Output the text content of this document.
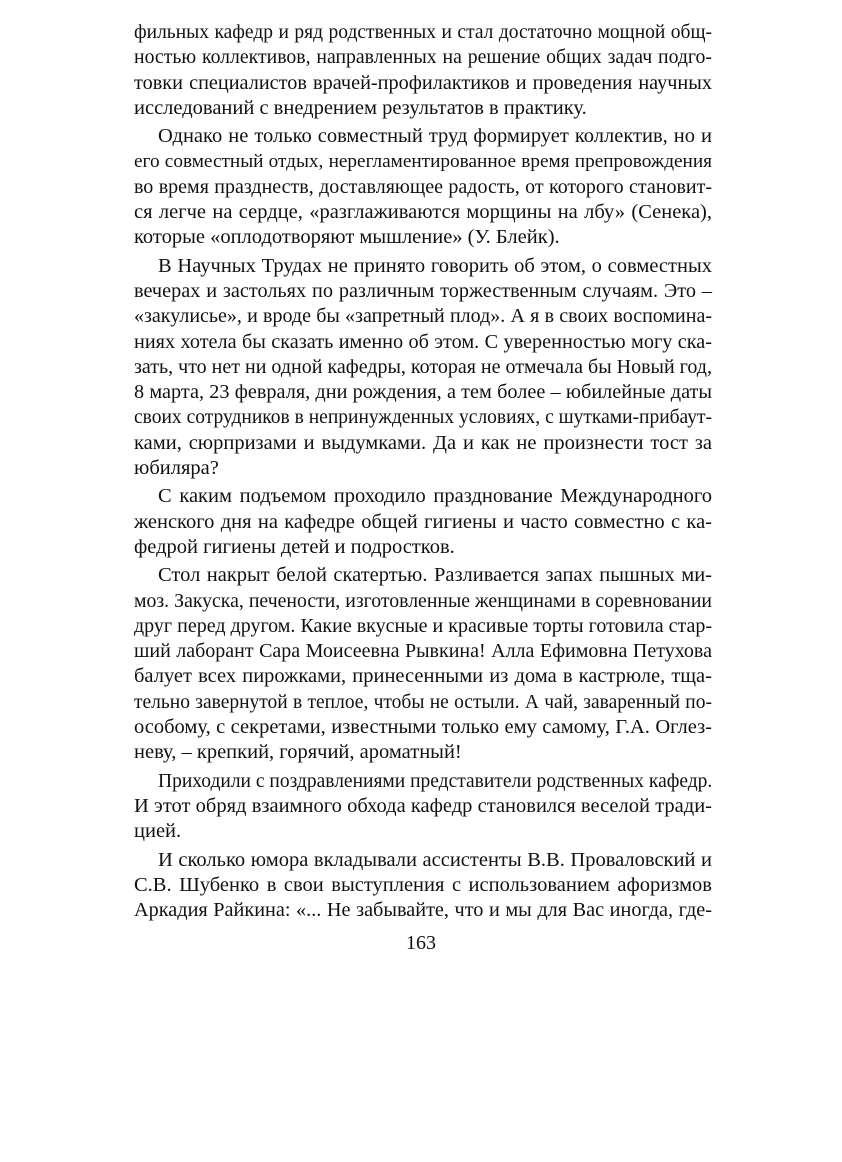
фильных кафедр и ряд родственных и стал достаточно мощной общ-
ностью коллективов, направленных на решение общих задач подго-
товки специалистов врачей-профилактиков и проведения научных
исследований с внедрением результатов в практику.
Однако не только совместный труд формирует коллектив, но и
его совместный отдых, нерегламентированное время препровождения
во время празднеств, доставляющее радость, от которого становит-
ся легче на сердце, «разглаживаются морщины на лбу» (Сенека),
которые «оплодотворяют мышление» (У. Блейк).
В Научных Трудах не принято говорить об этом, о совместных
вечерах и застольях по различным торжественным случаям. Это –
«закулисье», и вроде бы «запретный плод». А я в своих воспомина-
ниях хотела бы сказать именно об этом. С уверенностью могу ска-
зать, что нет ни одной кафедры, которая не отмечала бы Новый год,
8 марта, 23 февраля, дни рождения, а тем более – юбилейные даты
своих сотрудников в непринужденных условиях, с шутками-прибаут-
ками, сюрпризами и выдумками. Да и как не произнести тост за
юбиляра?
С каким подъемом проходило празднование Международного
женского дня на кафедре общей гигиены и часто совместно с ка-
федрой гигиены детей и подростков.
Стол накрыт белой скатертью. Разливается запах пышных ми-
моз. Закуска, печености, изготовленные женщинами в соревновании
друг перед другом. Какие вкусные и красивые торты готовила стар-
ший лаборант Сара Моисеевна Рывкина! Алла Ефимовна Петухова
балует всех пирожками, принесенными из дома в кастрюле, тща-
тельно завернутой в теплое, чтобы не остыли. А чай, заваренный по-
особому, с секретами, известными только ему самому, Г.А. Оглез-
неву, – крепкий, горячий, ароматный!
Приходили с поздравлениями представители родственных кафедр.
И этот обряд взаимного обхода кафедр становился веселой тради-
цией.
И сколько юмора вкладывали ассистенты В.В. Проваловский и
С.В. Шубенко в свои выступления с использованием афоризмов
Аркадия Райкина: «... Не забывайте, что и мы для Вас иногда, где-
163
